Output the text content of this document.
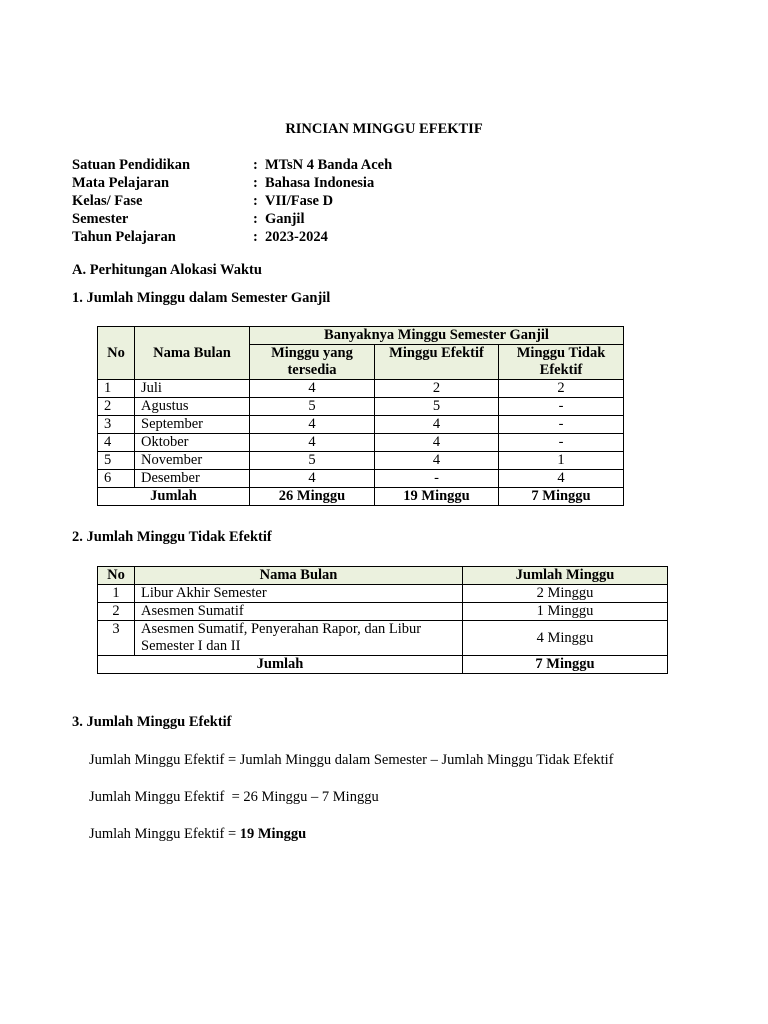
RINCIAN MINGGU EFEKTIF
Satuan Pendidikan	: MTsN 4 Banda Aceh
Mata Pelajaran	: Bahasa Indonesia
Kelas/ Fase	: VII/Fase D
Semester	: Ganjil
Tahun Pelajaran	: 2023-2024
A. Perhitungan Alokasi Waktu
1. Jumlah Minggu dalam Semester Ganjil
No	Nama Bulan	Banyaknya Minggu Semester Ganjil		
		Minggu yang tersedia	Minggu Efektif	Minggu Tidak Efektif
1	Juli	4	2	2
2	Agustus	5	5	-
3	September	4	4	-
4	Oktober	4	4	-
5	November	5	4	1
6	Desember	4	-	4
Jumlah		26 Minggu	19 Minggu	7 Minggu
2. Jumlah Minggu Tidak Efektif
No	Nama Bulan	Jumlah Minggu
1	Libur Akhir Semester	2 Minggu
2	Asesmen Sumatif	1 Minggu
3	Asesmen Sumatif, Penyerahan Rapor, dan Libur Semester I dan II	4 Minggu
Jumlah		7 Minggu
3. Jumlah Minggu Efektif
Jumlah Minggu Efektif = Jumlah Minggu dalam Semester – Jumlah Minggu Tidak Efektif
Jumlah Minggu Efektif  = 26 Minggu – 7 Minggu
Jumlah Minggu Efektif = 19 Minggu
